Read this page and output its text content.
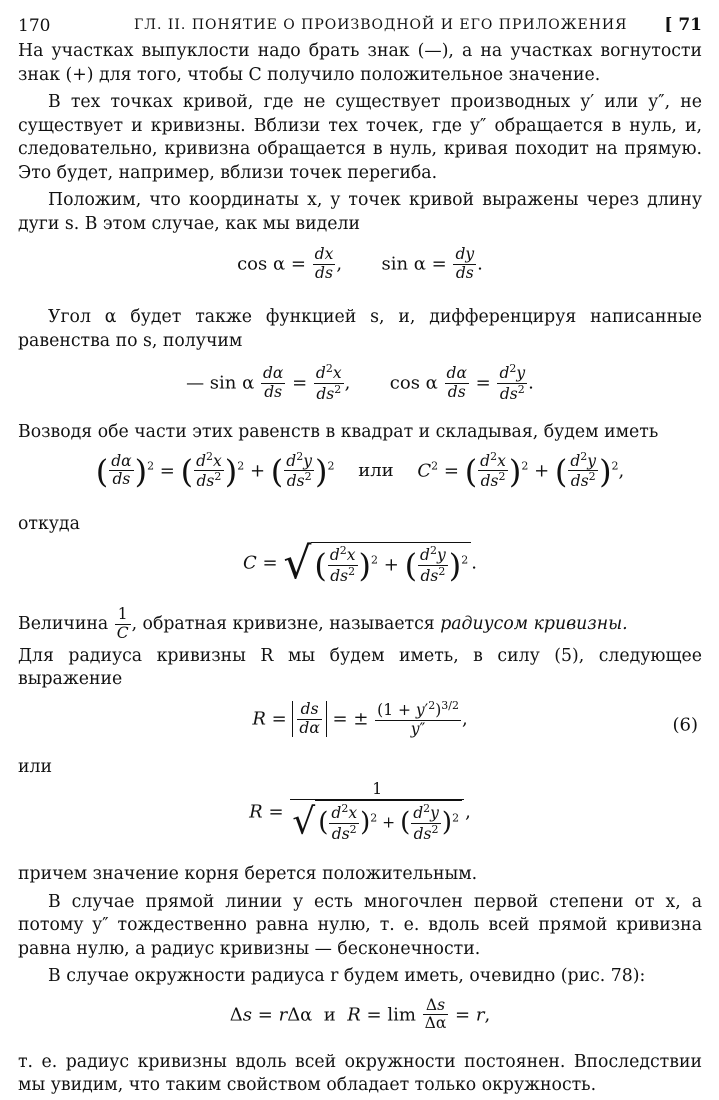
170	ГЛ. II. ПОНЯТИЕ О ПРОИЗВОДНОЙ И ЕГО ПРИЛОЖЕНИЯ [ 71

На участках выпуклости надо брать знак (—), а на участках вогнутости знак (+) для того, чтобы C получило положительное значение.

В тех точках кривой, где не существует производных y′ или y″, не существует и кривизны. Вблизи тех точек, где y″ обращается в нуль, и, следовательно, кривизна обращается в нуль, кривая походит на прямую. Это будет, например, вблизи точек перегиба.

Положим, что координаты x, y точек кривой выражены через длину дуги s. В этом случае, как мы видели

$\cos \alpha = \frac{dx}{ds}$ ,  $\sin \alpha = \frac{dy}{ds}$ .

Угол α будет также функцией s, и, дифференцируя написанные равенства по s, получим

— sin α $\frac{d\alpha}{ds} = \frac{d^2x}{ds^2}$ ,  cos α $\frac{d\alpha}{ds} = \frac{d^2y}{ds^2}$ .

Возводя обе части этих равенств в квадрат и складывая, будем иметь

( $\frac{d\alpha}{ds} )^2$ = ( $\frac{d^2x}{ds^2} )^2$ + ( $\frac{d^2y}{ds^2} )^2$ или $C^2$ = ( $\frac{d^2x}{ds^2} )^2$ + ( $\frac{d^2y}{ds^2} )^2$,

откуда

C = √( $\frac{d^2x}{ds^2} )^2$ + ( $\frac{d^2y}{ds^2} )^2$ .

Величина $\frac{1}{C}$ , обратная кривизне, называется радиусом кривизны.

Для радиуса кривизны R мы будем иметь, в силу (5), следующее выражение

$R = \frac{ds}{d\alpha}$ = ± $\frac{(1 + y'^2)^{3/2}}{y''}$ ,	(6)

или

$R = \frac{1}{√ ( \frac{d^2x}{ds^2} )^2 + ( \frac{d^2y}{ds^2} )^2}$ ,

причем значение корня берется положительным.

В случае прямой линии y есть многочлен первой степени от x, а потому y″ тождественно равна нулю, т. е. вдоль всей прямой кривизна равна нулю, а радиус кривизны — бесконечности.

В случае окружности радиуса r будем иметь, очевидно (рис. 78):

Δs = rΔα  и  $R = \lim \frac{\Delta s}{\Delta\alpha} = r$,

т. е. радиус кривизны вдоль всей окружности постоянен. Впоследствии мы увидим, что таким свойством обладает только окружность.
